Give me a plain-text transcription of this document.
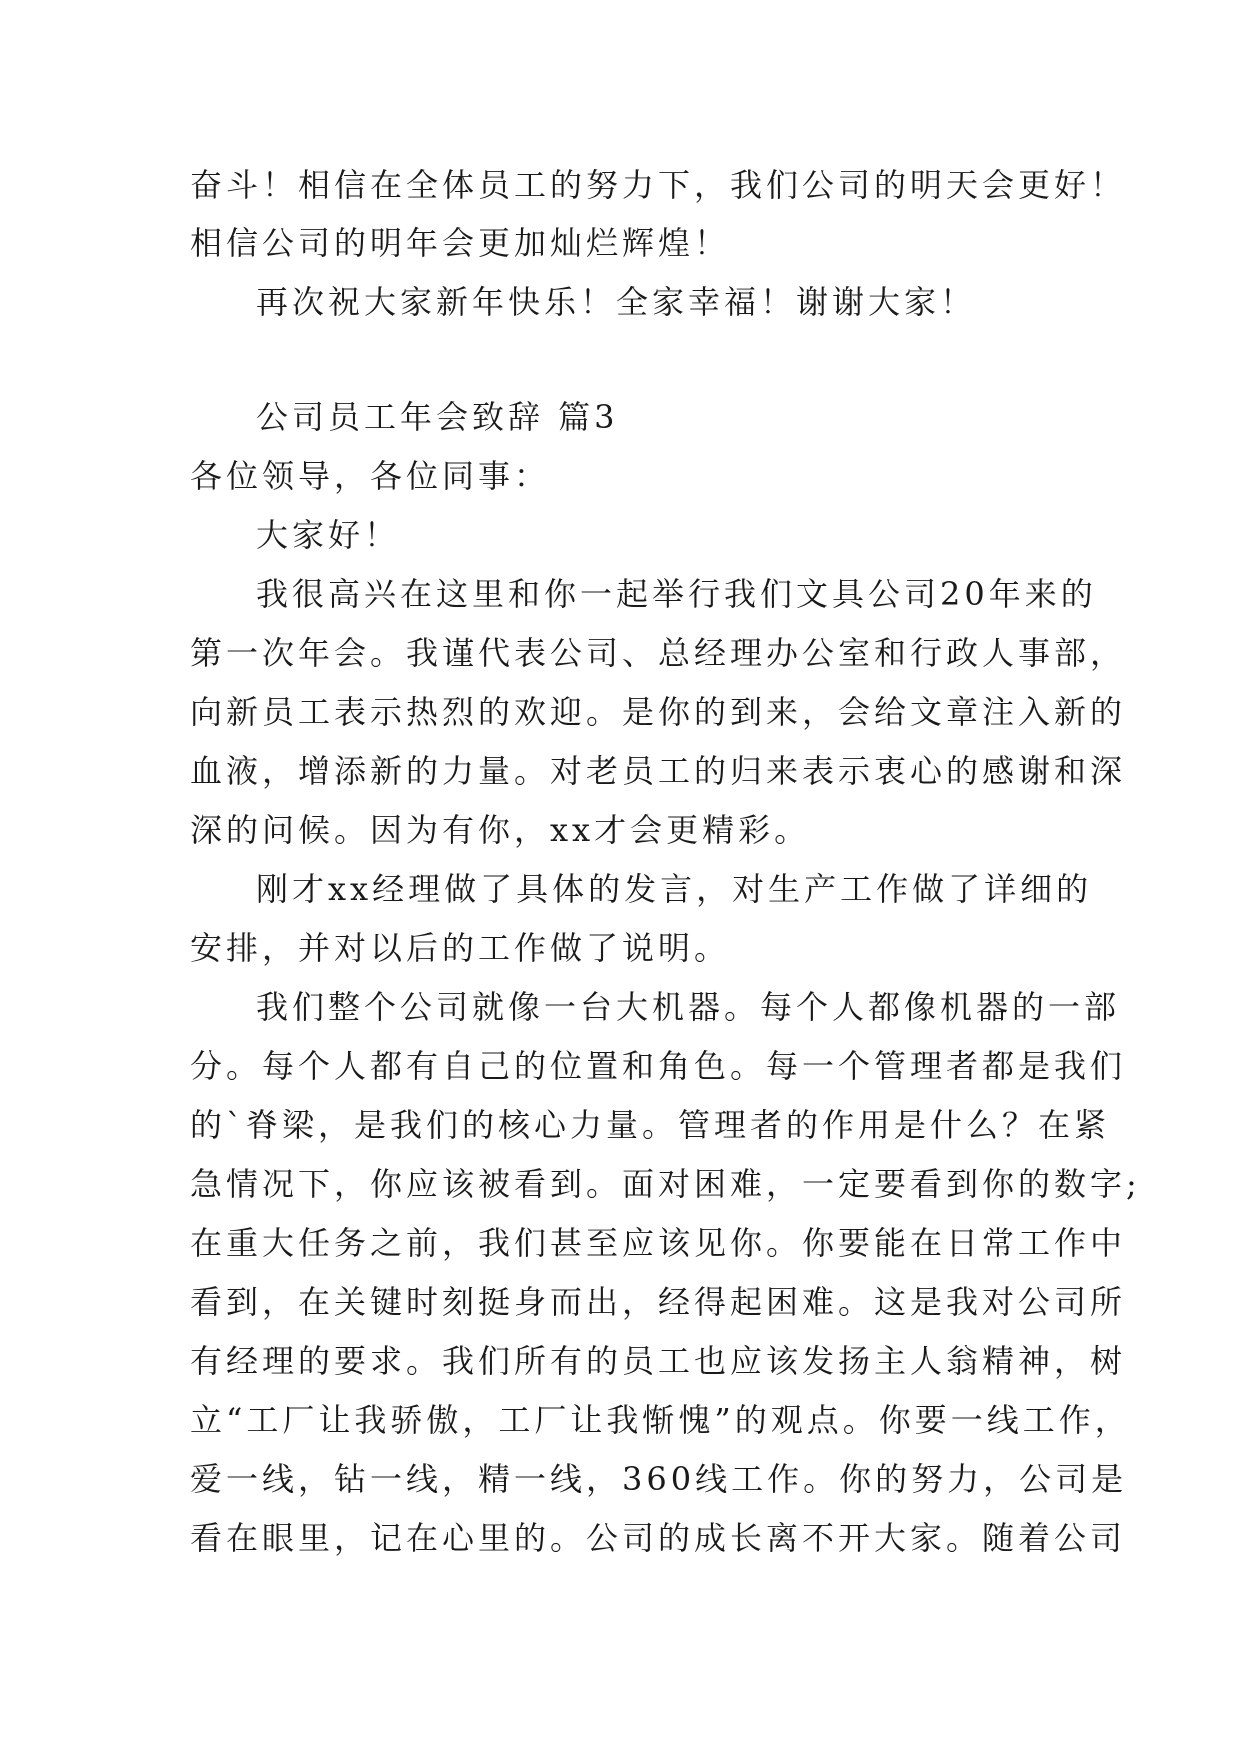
奋斗！相信在全体员工的努力下，我们公司的明天会更好！
相信公司的明年会更加灿烂辉煌！
再次祝大家新年快乐！全家幸福！谢谢大家！
公司员工年会致辞 篇3
各位领导，各位同事：
大家好！
我很高兴在这里和你一起举行我们文具公司20年来的
第一次年会。我谨代表公司、总经理办公室和行政人事部，
向新员工表示热烈的欢迎。是你的到来，会给文章注入新的
血液，增添新的力量。对老员工的归来表示衷心的感谢和深
深的问候。因为有你，xx才会更精彩。
刚才xx经理做了具体的发言，对生产工作做了详细的
安排，并对以后的工作做了说明。
我们整个公司就像一台大机器。每个人都像机器的一部
分。每个人都有自己的位置和角色。每一个管理者都是我们
的`脊梁，是我们的核心力量。管理者的作用是什么？在紧
急情况下，你应该被看到。面对困难，一定要看到你的数字;
在重大任务之前，我们甚至应该见你。你要能在日常工作中
看到，在关键时刻挺身而出，经得起困难。这是我对公司所
有经理的要求。我们所有的员工也应该发扬主人翁精神，树
立“工厂让我骄傲，工厂让我惭愧”的观点。你要一线工作，
爱一线，钻一线，精一线，360线工作。你的努力，公司是
看在眼里，记在心里的。公司的成长离不开大家。随着公司
